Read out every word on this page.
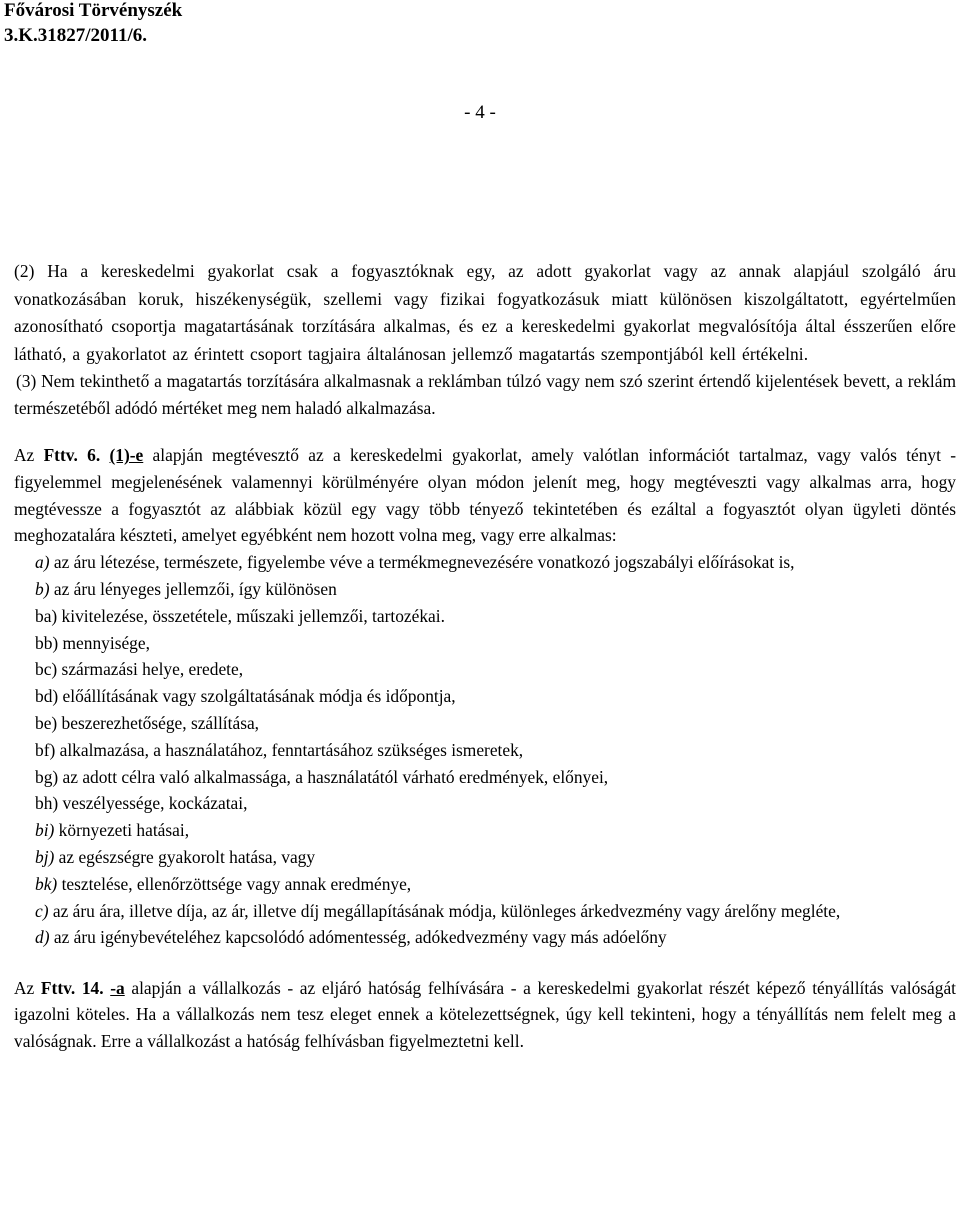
Fővárosi Törvényszék
3.K.31827/2011/6.
- 4 -

(2) Ha a kereskedelmi gyakorlat csak a fogyasztóknak egy, az adott gyakorlat vagy az annak alapjául szolgáló áru vonatkozásában koruk, hiszékenységük, szellemi vagy fizikai fogyatkozásuk miatt különösen kiszolgáltatott, egyértelműen azonosítható csoportja magatartásának torzítására alkalmas, és ez a kereskedelmi gyakorlat megvalósítója által ésszerűen előre látható, a gyakorlatot az érintett csoport tagjaira általánosan jellemző magatartás szempontjából kell értékelni.

(3) Nem tekinthető a magatartás torzítására alkalmasnak a reklámban túlzó vagy nem szó szerint értendő kijelentések bevett, a reklám természetéből adódó mértéket meg nem haladó alkalmazása.

Az Fttv. 6. (1)-e alapján megtévesztő az a kereskedelmi gyakorlat, amely valótlan információt tartalmaz, vagy valós tényt - figyelemmel megjelenésének valamennyi körülményére olyan módon jelenít meg, hogy megtéveszti vagy alkalmas arra, hogy megtévessze a fogyasztót az alábbiak közül egy vagy több tényező tekintetében és ezáltal a fogyasztót olyan ügyleti döntés meghozatalára készteti, amelyet egyébként nem hozott volna meg, vagy erre alkalmas:

a) az áru létezése, természete, figyelembe véve a termékmegnevezésére vonatkozó jogszabályi előírásokat is,
b) az áru lényeges jellemzői, így különösen
ba) kivitelezése, összetétele, műszaki jellemzői, tartozékai.
bb) mennyisége,
bc) származási helye, eredete,
bd) előállításának vagy szolgáltatásának módja és időpontja,
be) beszerezhetősége, szállítása,
bf) alkalmazása, a használatához, fenntartásához szükséges ismeretek,
bg) az adott célra való alkalmassága, a használatától várható eredmények, előnyei,
bh) veszélyessége, kockázatai,
bi) környezeti hatásai,
bj) az egészségre gyakorolt hatása, vagy
bk) tesztelése, ellenőrzöttsége vagy annak eredménye,
c) az áru ára, illetve díja, az ár, illetve díj megállapításának módja, különleges árkedvezmény vagy árelőny megléte,
d) az áru igénybevételéhez kapcsolódó adómentesség, adókedvezmény vagy más adóelőny

Az Fttv. 14. -a alapján a vállalkozás - az eljáró hatóság felhívására - a kereskedelmi gyakorlat részét képező tényállítás valóságát igazolni köteles. Ha a vállalkozás nem tesz eleget ennek a kötelezettségnek, úgy kell tekinteni, hogy a tényállítás nem felelt meg a valóságnak. Erre a vállalkozást a hatóság felhívásban figyelmeztetni kell.
